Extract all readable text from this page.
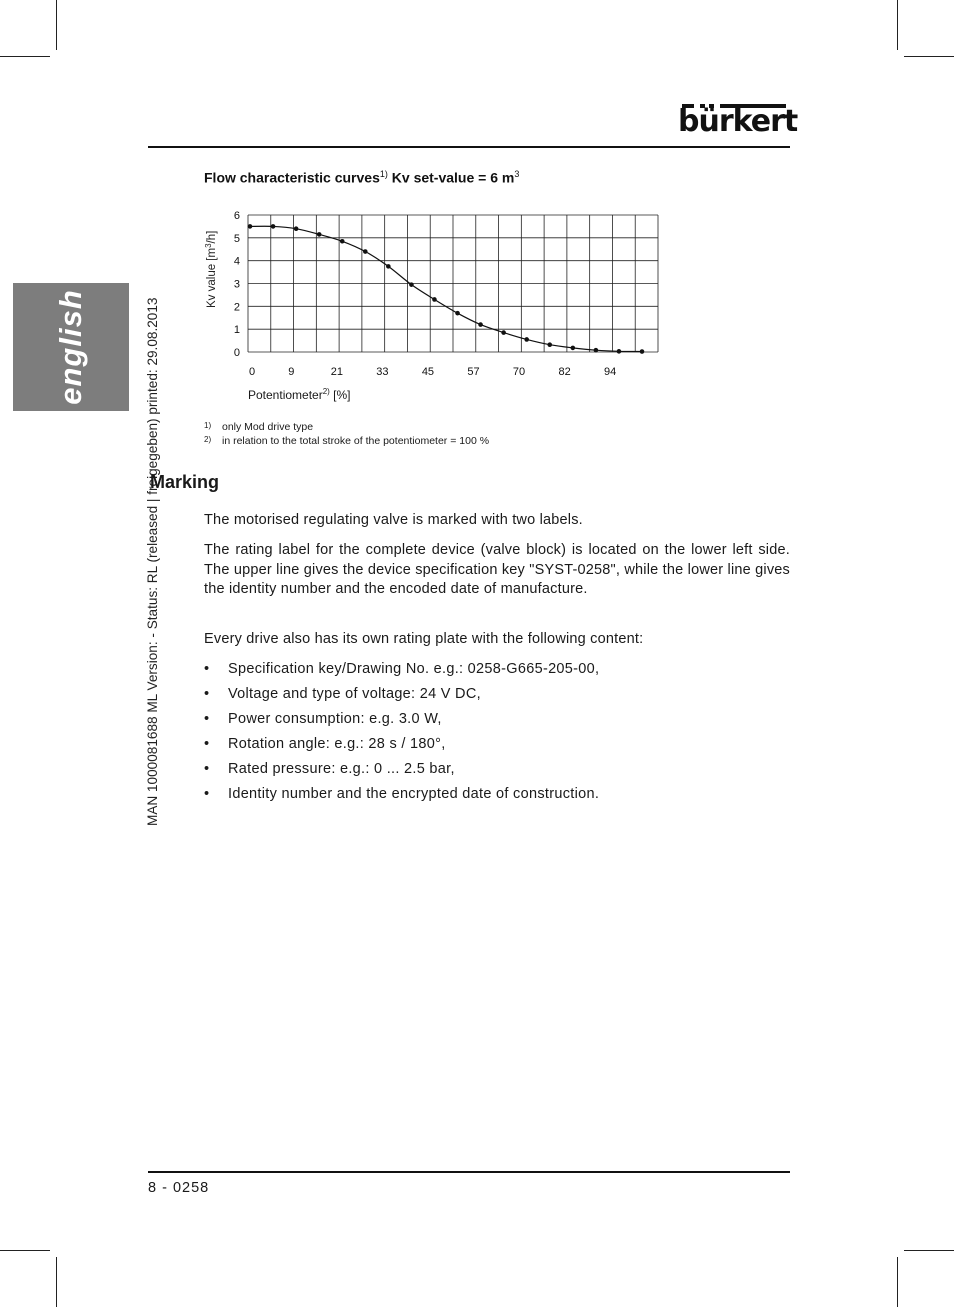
bürkert
english	MAN 1000081688 ML Version: - Status: RL (released | freigegeben) printed: 29.08.2013
Flow characteristic curves$^{1)}$ Kv set-value = 6 $m^3$
0
1
2
3
4
5
6
0	9	21	33	45	57	70	82	94
Kv value $[m^3/h]$
Potentiometer$^{2)}$ [%]
1) only Mod drive type
2) in relation to the total stroke of the potentiometer = 100 %
Marking

The motorised regulating valve is marked with two labels.

The rating label for the complete device (valve block) is located on the lower left side. The upper line gives the device specification key "SYST-0258", while the lower line gives the identity number and the encoded date of manufacture.

Every drive also has its own rating plate with the following content:

• Specification key/Drawing No. e.g.: 0258-G665-205-00,
• Voltage and type of voltage: 24 V DC,
• Power consumption: e.g. 3.0 W,
• Rotation angle: e.g.: 28 s / 180°,
• Rated pressure: e.g.: 0 ... 2.5 bar,
• Identity number and the encrypted date of construction.
8 - 0258
